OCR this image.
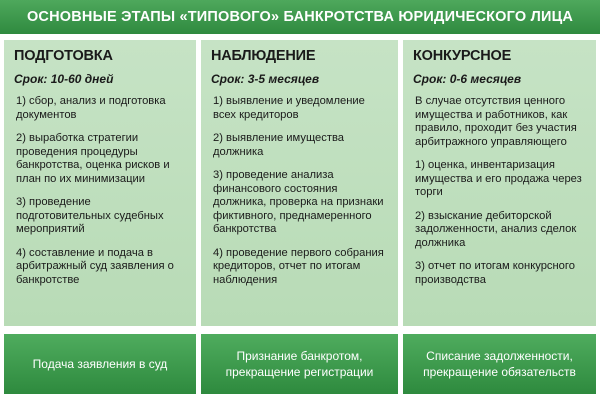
ОСНОВНЫЕ ЭТАПЫ «ТИПОВОГО» БАНКРОТСТВА ЮРИДИЧЕСКОГО ЛИЦА
ПОДГОТОВКА
Срок: 10-60 дней
1) сбор, анализ и подготовка документов
2) выработка стратегии проведения процедуры банкротства, оценка рисков и план по их минимизации
3) проведение подготовительных судебных мероприятий
4) составление и подача в арбитражный суд заявления о банкротстве
НАБЛЮДЕНИЕ
Срок: 3-5 месяцев
1) выявление и уведомление всех кредиторов
2) выявление имущества должника
3) проведение анализа финансового состояния должника, проверка на признаки фиктивного, преднамеренного банкротства
4) проведение первого собрания кредиторов, отчет по итогам наблюдения
КОНКУРСНОЕ
Срок: 0-6 месяцев
В случае отсутствия ценного имущества и работников, как правило, проходит без участия арбитражного управляющего
1) оценка, инвентаризация имущества и его продажа через торги
2) взыскание дебиторской задолженности, анализ сделок должника
3) отчет по итогам конкурсного производства
Подача заявления в суд
Признание банкротом, прекращение регистрации
Списание задолженности, прекращение обязательств
